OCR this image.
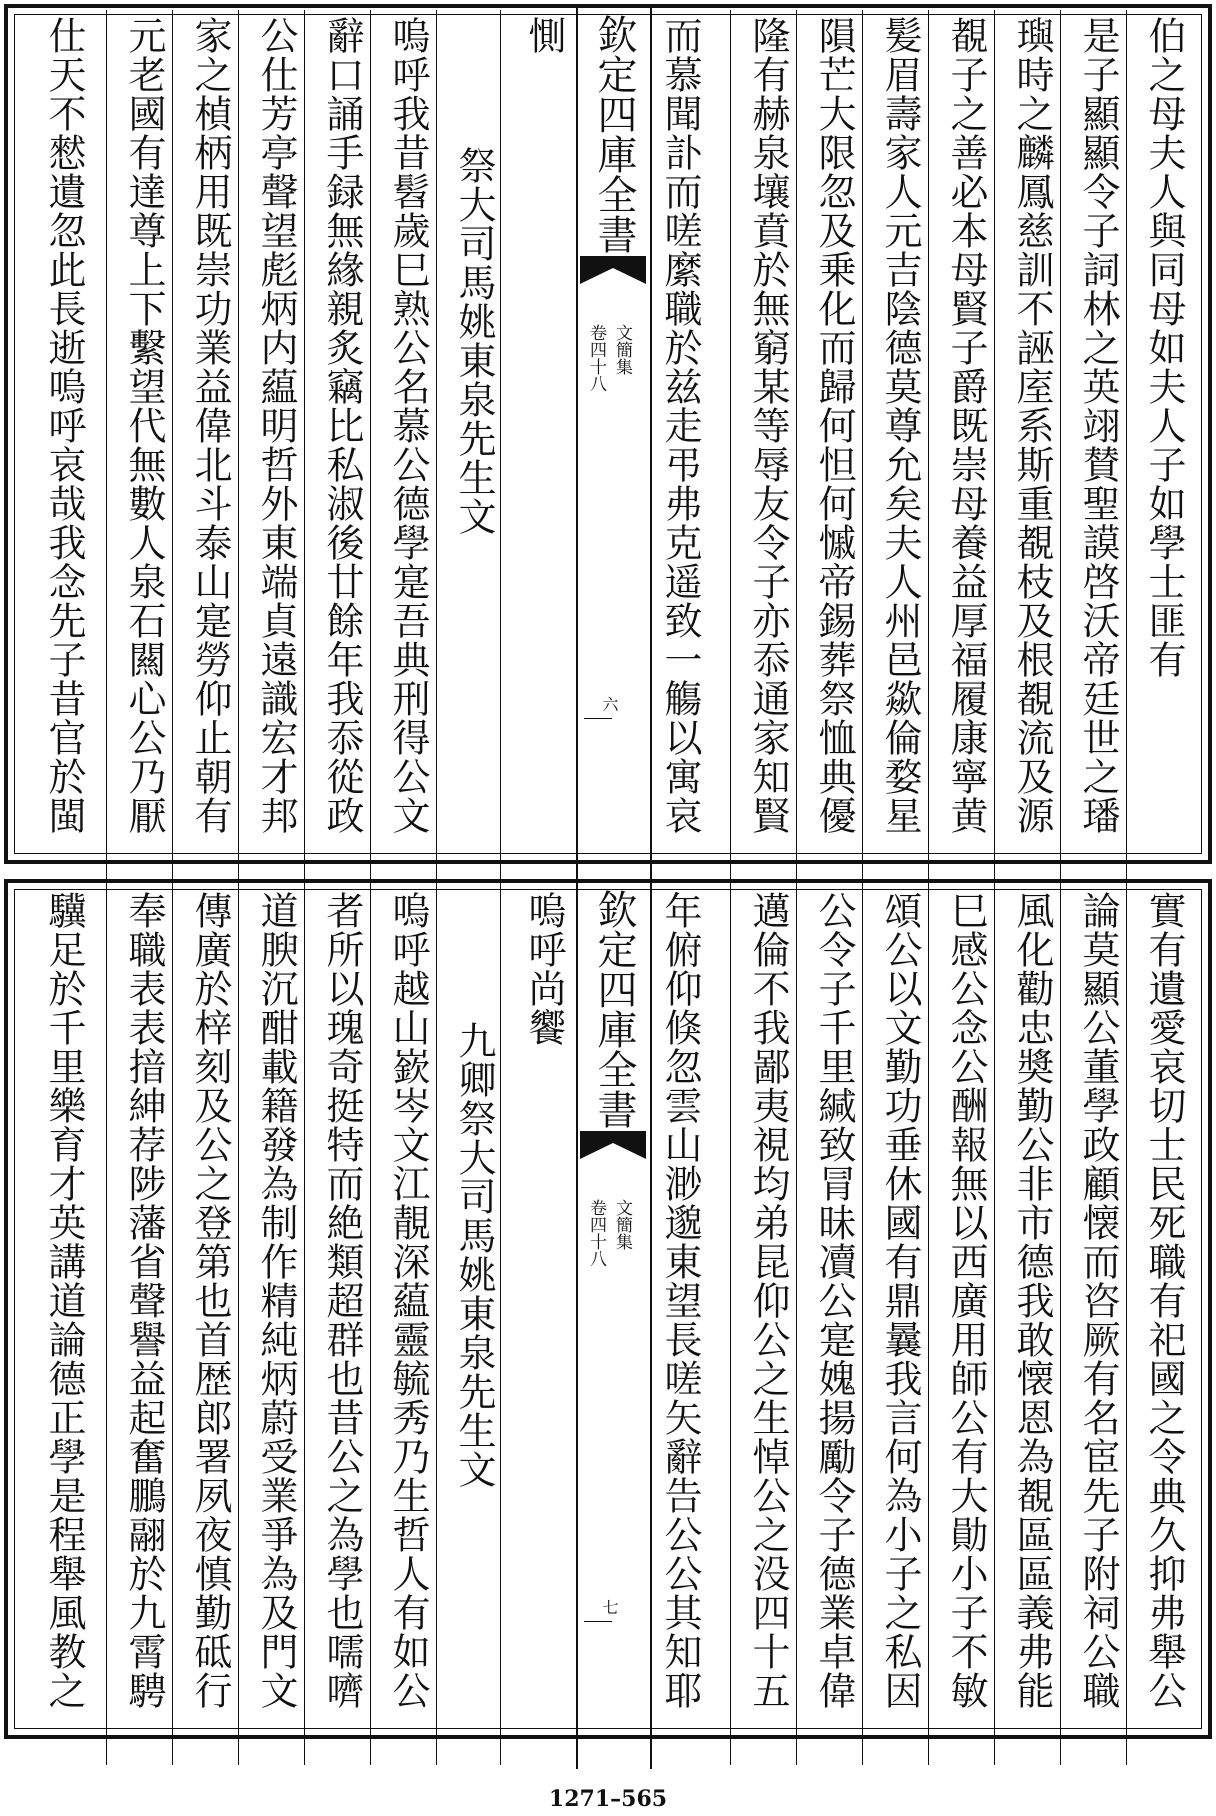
伯之母夫人與同母如夫人子如學士匪有
是子顯顯令子詞林之英翊賛聖謨啓沃帝廷世之璠
璵時之麟鳳慈訓不誣庢系斯重覩枝及根覩流及源
覩子之善必本母賢子爵既崇母養益厚福履康寧黄
髪眉壽家人元吉陰德莫尊允矣夫人州邑歘倫婺星
隕芒大限忽及乗化而歸何怛何慽帝錫葬祭恤典優
隆有赫泉壤賁於無窮某等辱友令子亦忝通家知賢
而慕聞訃而嗟縻職於兹走弔弗克遥致一觴以寓哀
欽定四庫全書
文簡集
卷四十八
六
惻
祭大司馬姚東泉先生文
嗚呼我昔髫歲巳熟公名慕公德學寔吾典刑得公文
辭口誦手録無緣親炙竊比私淑後廿餘年我忝從政
公仕芳亭聲望彪炳内藴明哲外東端貞遠識宏才邦
家之楨柄用既崇功業益偉北斗泰山寔勞仰止朝有
元老國有達尊上下繫望代無數人泉石闗心公乃厭
仕天不憖遺忽此長逝嗚呼哀哉我念先子昔官於閩
實有遺愛哀切士民死職有祀國之令典久抑弗舉公
論莫顯公董學政顧懐而咨厥有名宦先子附祠公職
風化勸忠奬勤公非市德我敢懐恩為覩區區義弗能
巳感公念公酬報無以西廣用師公有大勛小子不敏
頌公以文勤功垂休國有鼎曩我言何為小子之私因
公令子千里緘致冐昧凟公寔媿揚勵令子德業卓偉
邁倫不我鄙夷視均弟昆仰公之生悼公之没四十五
年俯仰倏忽雲山渺邈東望長嗟矢辭告公公其知耶
欽定四庫全書
文簡集
卷四十八
七
嗚呼尚饗
九卿祭大司馬姚東泉先生文
嗚呼越山嶔岑文江靚深藴靈毓秀乃生哲人有如公
者所以瑰奇挺特而絶類超群也昔公之為學也嚅嚌
道腴沉酣載籍發為制作精純炳蔚受業爭為及門文
傳廣於梓刻及公之登第也首歴郎署夙夜慎勤砥行
奉職表表揞紳荐陟藩省聲譽益起奮鵬翮於九霄騁
驥足於千里樂育才英講道論德正學是程舉風教之
1271–565
